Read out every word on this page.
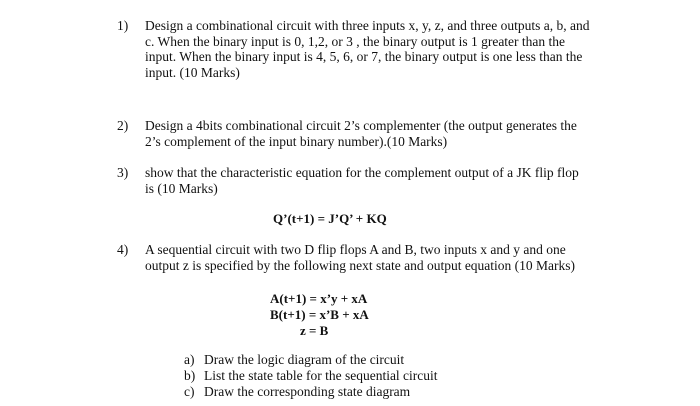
1) Design a combinational circuit with three inputs x, y, z, and three outputs a, b, and
c. When the binary input is 0, 1,2, or 3 , the binary output is 1 greater than the
input. When the binary input is 4, 5, 6, or 7, the binary output is one less than the
input. (10 Marks)
2) Design a 4bits combinational circuit 2’s complementer (the output generates the
2’s complement of the input binary number).(10 Marks)
3) show that the characteristic equation for the complement output of a JK flip flop
is (10 Marks)
Q’(t+1) = J’Q’ + KQ
4) A sequential circuit with two D flip flops A and B, two inputs x and y and one
output z is specified by the following next state and output equation (10 Marks)
A(t+1) = x’y + xA
B(t+1) = x’B + xA
z = B
a) Draw the logic diagram of the circuit
b) List the state table for the sequential circuit
c) Draw the corresponding state diagram
